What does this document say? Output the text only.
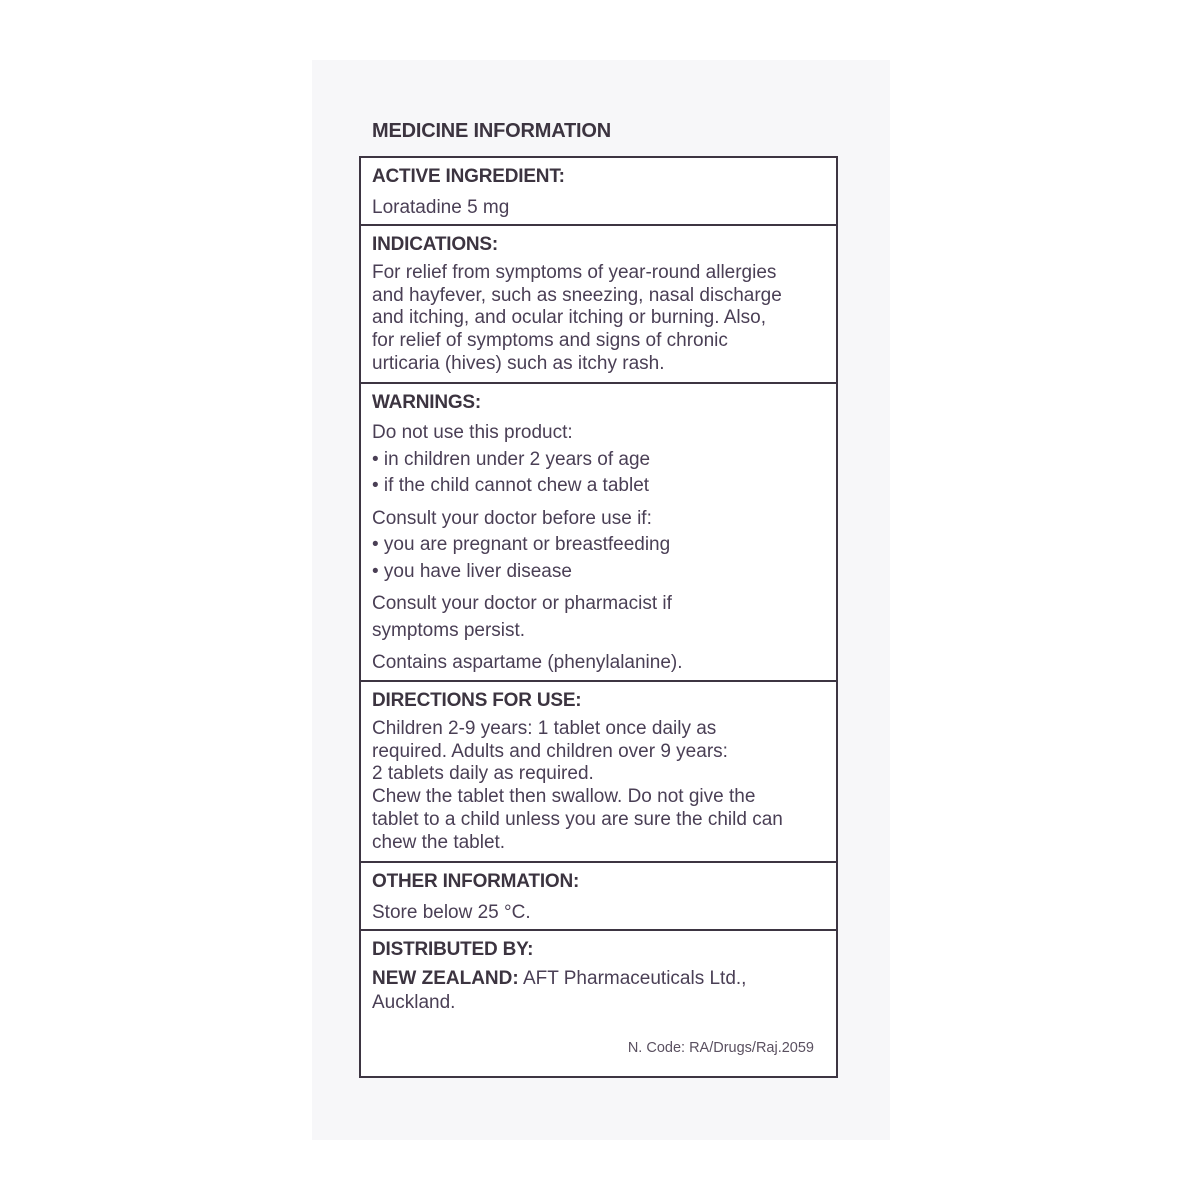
MEDICINE INFORMATION
ACTIVE INGREDIENT:

Loratadine 5 mg

INDICATIONS:

For relief from symptoms of year-round allergies

and hayfever, such as sneezing, nasal discharge

and itching, and ocular itching or burning. Also,

for relief of symptoms and signs of chronic

urticaria (hives) such as itchy rash.

WARNINGS:

Do not use this product:

• in children under 2 years of age

• if the child cannot chew a tablet

Consult your doctor before use if:

• you are pregnant or breastfeeding

• you have liver disease

Consult your doctor or pharmacist if

symptoms persist.

Contains aspartame (phenylalanine).

DIRECTIONS FOR USE:

Children 2-9 years: 1 tablet once daily as

required. Adults and children over 9 years:

2 tablets daily as required.

Chew the tablet then swallow. Do not give the

tablet to a child unless you are sure the child can

chew the tablet.

OTHER INFORMATION:

Store below 25 °C.

DISTRIBUTED BY:

NEW ZEALAND: AFT Pharmaceuticals Ltd.,

Auckland.

N. Code: RA/Drugs/Raj.2059
